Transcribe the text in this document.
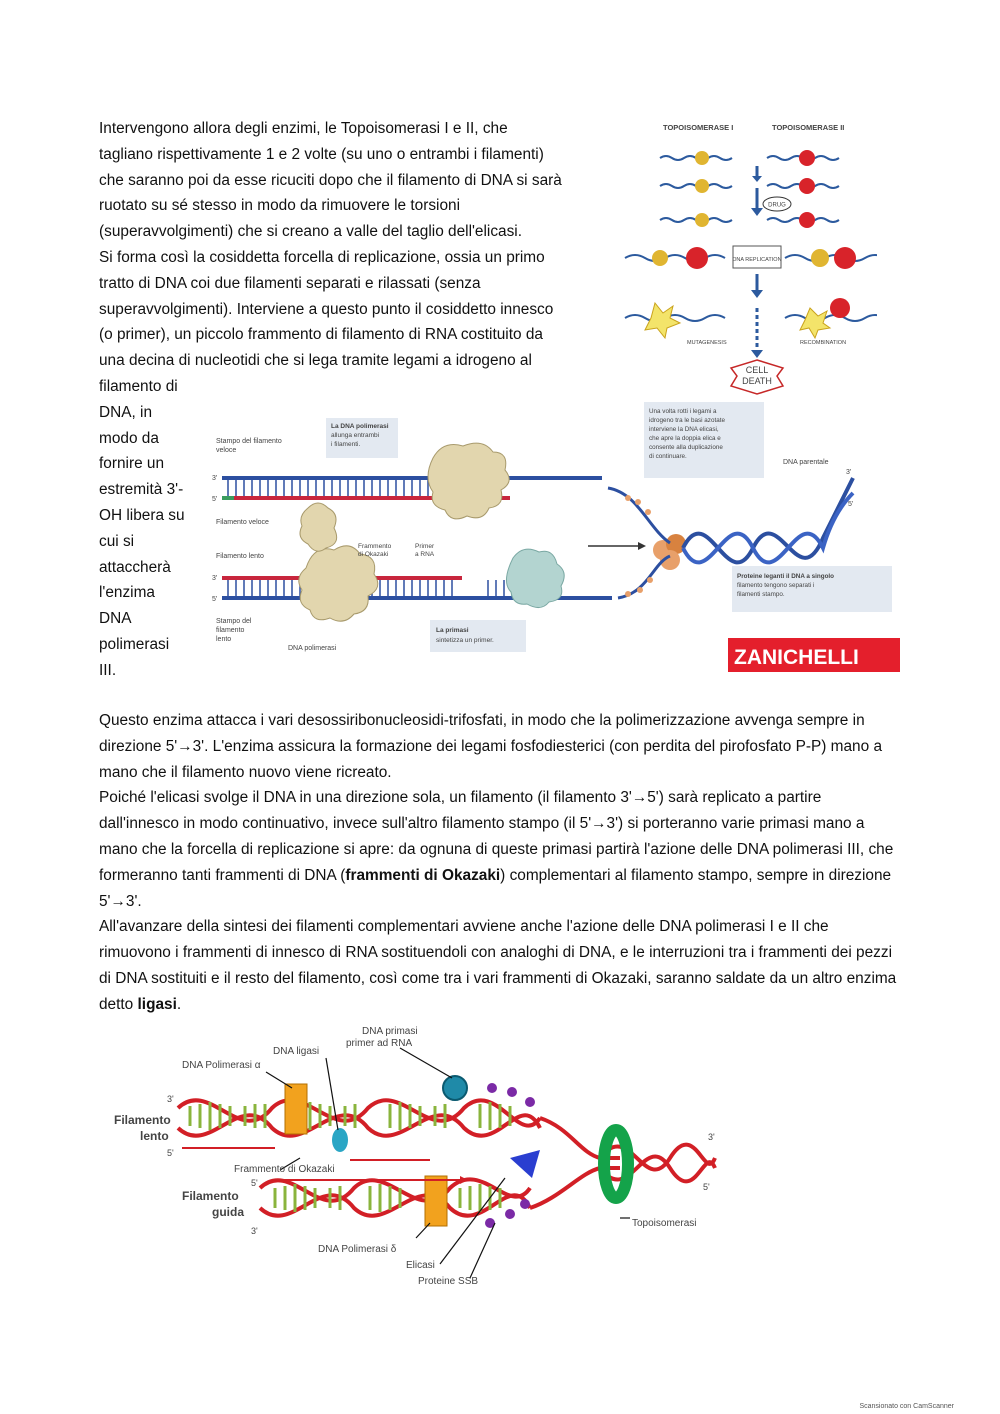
Intervengono allora degli enzimi, le Topoisomerasi I e II, che
tagliano rispettivamente 1 e 2 volte (su uno o entrambi i filamenti)
che saranno poi da esse ricuciti dopo che il filamento di DNA si sarà
ruotato su sé stesso in modo da rimuovere le torsioni
(superavvolgimenti) che si creano a valle del taglio dell'elicasi.
Si forma così la cosiddetta forcella di replicazione, ossia un primo
tratto di DNA coi due filamenti separati e rilassati (senza
superavvolgimenti). Interviene a questo punto il cosiddetto innesco
(o primer), un piccolo frammento di filamento di RNA costituito da
una decina di nucleotidi che si lega tramite legami a idrogeno al
filamento di
DNA, in
modo da
fornire un
estremità 3'-
OH libera su
cui si
attaccherà
l'enzima
DNA
polimerasi
III.
TOPOISOMERASE I	TOPOISOMERASE II
DRUG
DNA REPLICATION
MUTAGENESIS	RECOMBINATION
CELL
DEATH
Stampo del filamento
veloce
La DNA polimerasi
allunga entrambi
i filamenti.
Una volta rotti i legami a
idrogeno tra le basi azotate
interviene la DNA elicasi,
che apre la doppia elica e
consente alla duplicazione
di continuare.
DNA parentale
Filamento veloce
Filamento lento
Frammento
di Okazaki
Primer
a RNA
Proteine leganti il DNA a singolo
filamento tengono separati i
filamenti stampo.
Stampo del
filamento
lento
DNA polimerasi
La primasi
sintetizza un primer.
ZANICHELLI
3'
5'
3'
5'
3'
5'
Questo enzima attacca i vari desossiribonucleosidi-trifosfati, in modo che la polimerizzazione avvenga sempre in direzione 5'→3'. L'enzima assicura la formazione dei legami fosfodiesterici (con perdita del pirofosfato P-P) mano a mano che il filamento nuovo viene ricreato.
Poiché l'elicasi svolge il DNA in una direzione sola, un filamento (il filamento 3'→5') sarà replicato a partire dall'innesco in modo continuativo, invece sull'altro filamento stampo (il 5'→3') si porteranno varie primasi mano a mano che la forcella di replicazione si apre: da ognuna di queste primasi partirà l'azione delle DNA polimerasi III, che formeranno tanti frammenti di DNA (frammenti di Okazaki) complementari al filamento stampo, sempre in direzione 5'→3'.
All'avanzare della sintesi dei filamenti complementari avviene anche l'azione delle DNA polimerasi I e II che rimuovono i frammenti di innesco di RNA sostituendoli con analoghi di DNA, e le interruzioni tra i frammenti dei pezzi di DNA sostituiti e il resto del filamento, così come tra i vari frammenti di Okazaki, saranno saldate da un altro enzima detto ligasi.
DNA primasi
primer ad RNA
DNA ligasi
DNA Polimerasi α
3'
Filamento
lento
5'
Frammento di Okazaki
5'
Filamento
guida
3'
DNA Polimerasi δ
Elicasi
Proteine SSB
Topoisomerasi
3'
5'
Scansionato con CamScanner
